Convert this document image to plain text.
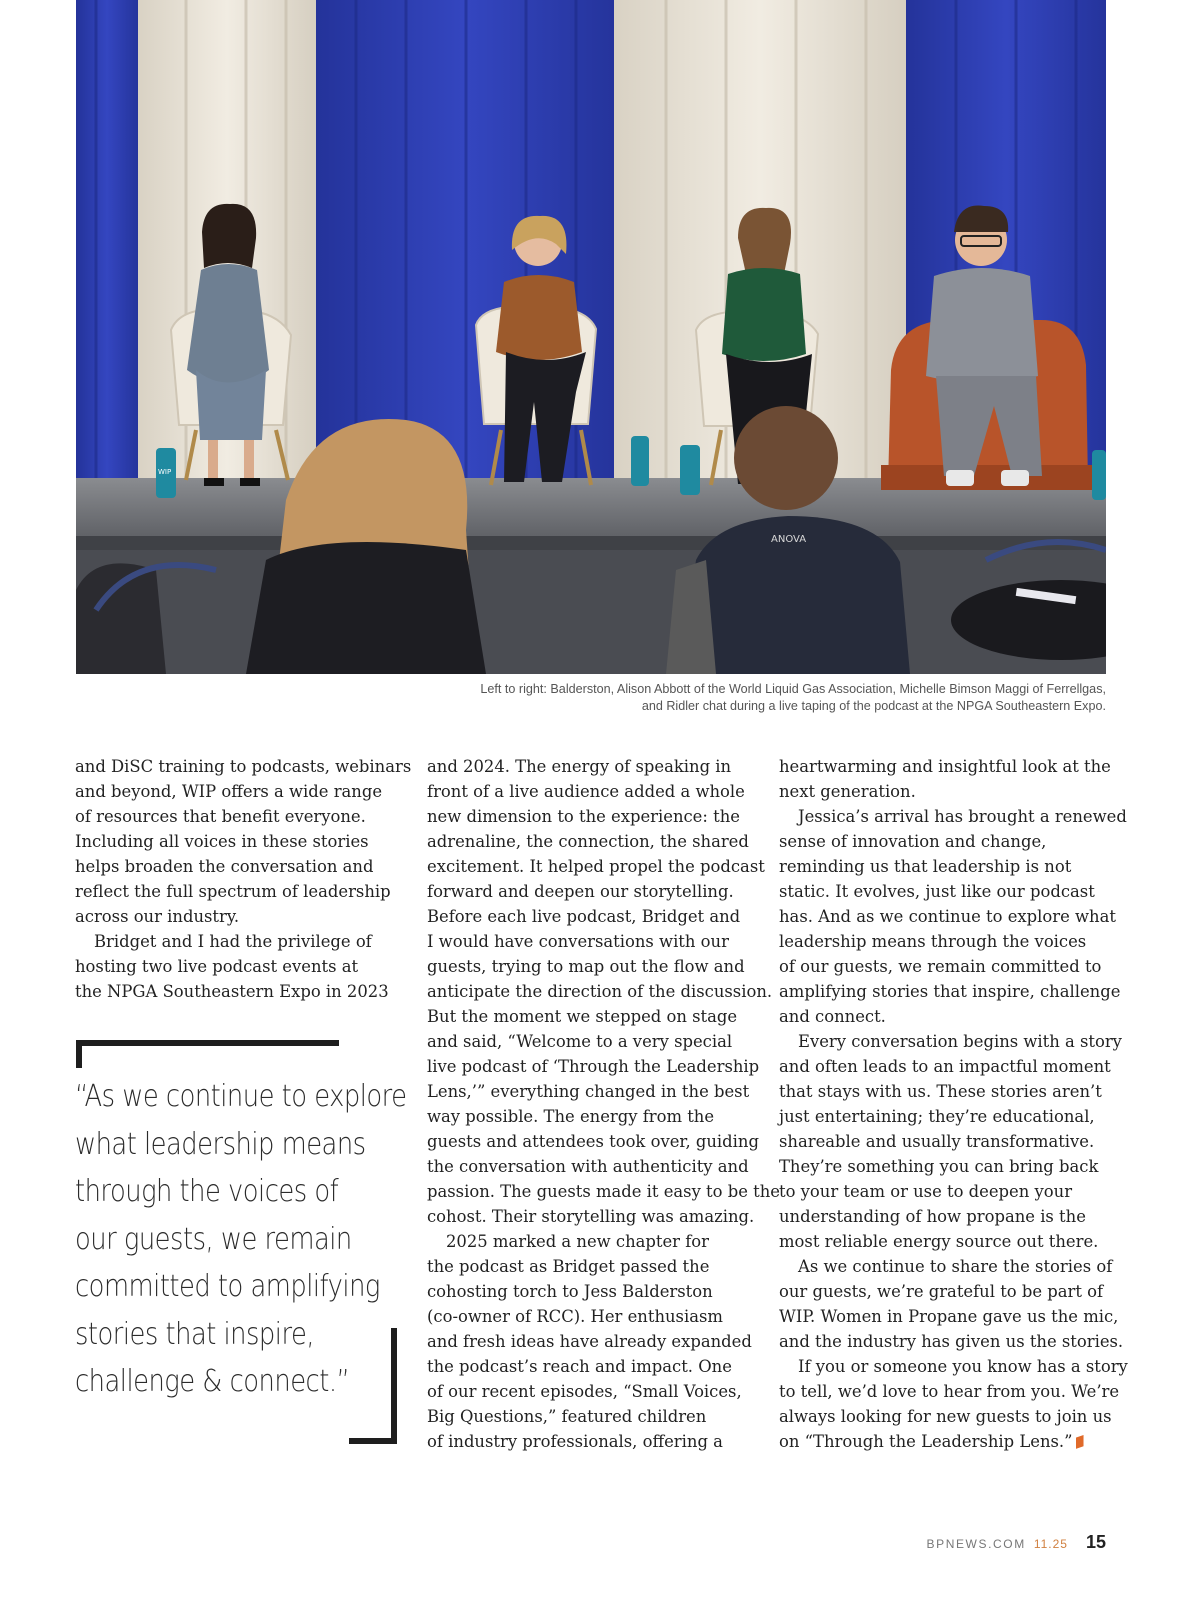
WIP
ANOVA
Left to right: Balderston, Alison Abbott of the World Liquid Gas Association, Michelle Bimson Maggi of Ferrellgas,
and Ridler chat during a live taping of the podcast at the NPGA Southeastern Expo.
and DiSC training to podcasts, webinars
and beyond, WIP offers a wide range
of resources that benefit everyone.
Including all voices in these stories
helps broaden the conversation and
reflect the full spectrum of leadership
across our industry.
Bridget and I had the privilege of
hosting two live podcast events at
the NPGA Southeastern Expo in 2023
“As we continue to explore
what leadership means
through the voices of
our guests, we remain
committed to amplifying
stories that inspire,
challenge & connect.”
and 2024. The energy of speaking in
front of a live audience added a whole
new dimension to the experience: the
adrenaline, the connection, the shared
excitement. It helped propel the podcast
forward and deepen our storytelling.
Before each live podcast, Bridget and
I would have conversations with our
guests, trying to map out the flow and
anticipate the direction of the discussion.
But the moment we stepped on stage
and said, “Welcome to a very special
live podcast of ‘Through the Leadership
Lens,’” everything changed in the best
way possible. The energy from the
guests and attendees took over, guiding
the conversation with authenticity and
passion. The guests made it easy to be the
cohost. Their storytelling was amazing.
2025 marked a new chapter for
the podcast as Bridget passed the
cohosting torch to Jess Balderston
(co-owner of RCC). Her enthusiasm
and fresh ideas have already expanded
the podcast’s reach and impact. One
of our recent episodes, “Small Voices,
Big Questions,” featured children
of industry professionals, offering a
heartwarming and insightful look at the
next generation.
Jessica’s arrival has brought a renewed
sense of innovation and change,
reminding us that leadership is not
static. It evolves, just like our podcast
has. And as we continue to explore what
leadership means through the voices
of our guests, we remain committed to
amplifying stories that inspire, challenge
and connect.
Every conversation begins with a story
and often leads to an impactful moment
that stays with us. These stories aren’t
just entertaining; they’re educational,
shareable and usually transformative.
They’re something you can bring back
to your team or use to deepen your
understanding of how propane is the
most reliable energy source out there.
As we continue to share the stories of
our guests, we’re grateful to be part of
WIP. Women in Propane gave us the mic,
and the industry has given us the stories.
If you or someone you know has a story
to tell, we’d love to hear from you. We’re
always looking for new guests to join us
on “Through the Leadership Lens.”
BPNEWS.COM 11.25 15
